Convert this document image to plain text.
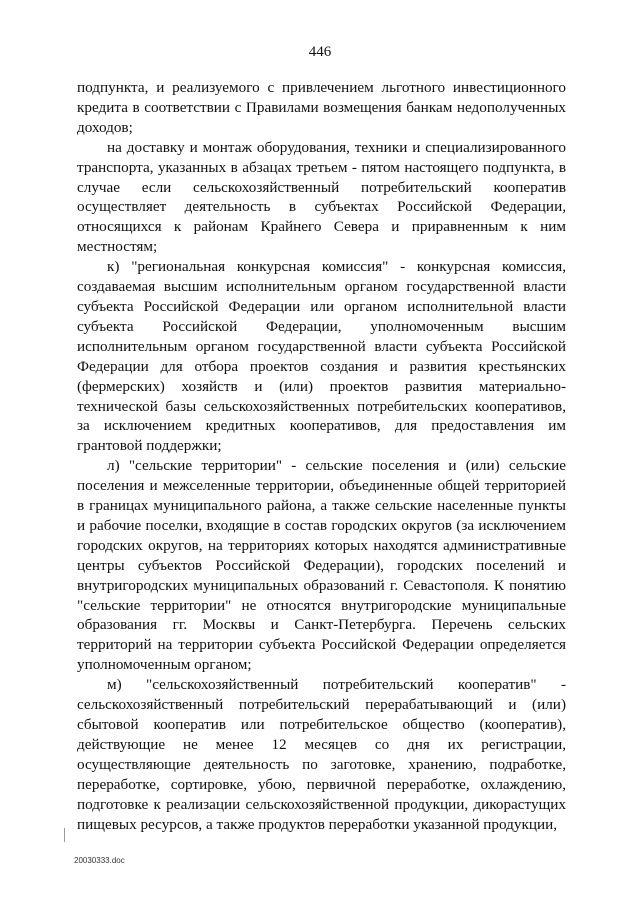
446

подпункта, и реализуемого с привлечением льготного инвестиционного кредита в соответствии с Правилами возмещения банкам недополученных доходов;

на доставку и монтаж оборудования, техники и специализированного транспорта, указанных в абзацах третьем - пятом настоящего подпункта, в случае если сельскохозяйственный потребительский кооператив осуществляет деятельность в субъектах Российской Федерации, относящихся к районам Крайнего Севера и приравненным к ним местностям;

к) "региональная конкурсная комиссия" - конкурсная комиссия, создаваемая высшим исполнительным органом государственной власти субъекта Российской Федерации или органом исполнительной власти субъекта Российской Федерации, уполномоченным высшим исполнительным органом государственной власти субъекта Российской Федерации для отбора проектов создания и развития крестьянских (фермерских) хозяйств и (или) проектов развития материально-технической базы сельскохозяйственных потребительских кооперативов, за исключением кредитных кооперативов, для предоставления им грантовой поддержки;

л) "сельские территории" - сельские поселения и (или) сельские поселения и межселенные территории, объединенные общей территорией в границах муниципального района, а также сельские населенные пункты и рабочие поселки, входящие в состав городских округов (за исключением городских округов, на территориях которых находятся административные центры субъектов Российской Федерации), городских поселений и внутригородских муниципальных образований г. Севастополя. К понятию "сельские территории" не относятся внутригородские муниципальные образования гг. Москвы и Санкт-Петербурга. Перечень сельских территорий на территории субъекта Российской Федерации определяется уполномоченным органом;

м) "сельскохозяйственный потребительский кооператив" - сельскохозяйственный потребительский перерабатывающий и (или) сбытовой кооператив или потребительское общество (кооператив), действующие не менее 12 месяцев со дня их регистрации, осуществляющие деятельность по заготовке, хранению, подработке, переработке, сортировке, убою, первичной переработке, охлаждению, подготовке к реализации сельскохозяйственной продукции, дикорастущих пищевых ресурсов, а также продуктов переработки указанной продукции,

20030333.doc
